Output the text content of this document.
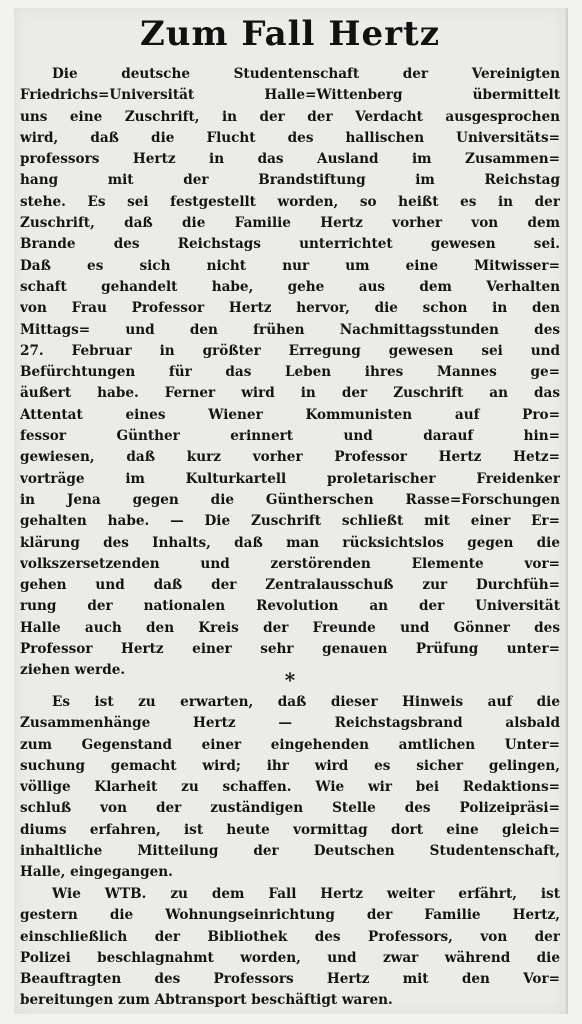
Zum Fall Hertz
Die deutsche Studentenschaft der Vereinigten
Friedrichs=Universität Halle=Wittenberg übermittelt
uns eine Zuschrift, in der der Verdacht ausgesprochen
wird, daß die Flucht des hallischen Universitäts=
professors Hertz in das Ausland im Zusammen=
hang mit der Brandstiftung im Reichstag
stehe. Es sei festgestellt worden, so heißt es in der
Zuschrift, daß die Familie Hertz vorher von dem
Brande des Reichstags unterrichtet gewesen sei.
Daß es sich nicht nur um eine Mitwisser=
schaft gehandelt habe, gehe aus dem Verhalten
von Frau Professor Hertz hervor, die schon in den
Mittags= und den frühen Nachmittagsstunden des
27. Februar in größter Erregung gewesen sei und
Befürchtungen für das Leben ihres Mannes ge=
äußert habe. Ferner wird in der Zuschrift an das
Attentat eines Wiener Kommunisten auf Pro=
fessor Günther erinnert und darauf hin=
gewiesen, daß kurz vorher Professor Hertz Hetz=
vorträge im Kulturkartell proletarischer Freidenker
in Jena gegen die Güntherschen Rasse=Forschungen
gehalten habe. — Die Zuschrift schließt mit einer Er=
klärung des Inhalts, daß man rücksichtslos gegen die
volkszersetzenden und zerstörenden Elemente vor=
gehen und daß der Zentralausschuß zur Durchfüh=
rung der nationalen Revolution an der Universität
Halle auch den Kreis der Freunde und Gönner des
Professor Hertz einer sehr genauen Prüfung unter=
ziehen werde.	*
Es ist zu erwarten, daß dieser Hinweis auf die
Zusammenhänge Hertz — Reichstagsbrand alsbald
zum Gegenstand einer eingehenden amtlichen Unter=
suchung gemacht wird; ihr wird es sicher gelingen,
völlige Klarheit zu schaffen. Wie wir bei Redaktions=
schluß von der zuständigen Stelle des Polizeipräsi=
diums erfahren, ist heute vormittag dort eine gleich=
inhaltliche Mitteilung der Deutschen Studentenschaft,
Halle, eingegangen.
Wie WTB. zu dem Fall Hertz weiter erfährt, ist
gestern die Wohnungseinrichtung der Familie Hertz,
einschließlich der Bibliothek des Professors, von der
Polizei beschlagnahmt worden, und zwar während die
Beauftragten des Professors Hertz mit den Vor=
bereitungen zum Abtransport beschäftigt waren.
